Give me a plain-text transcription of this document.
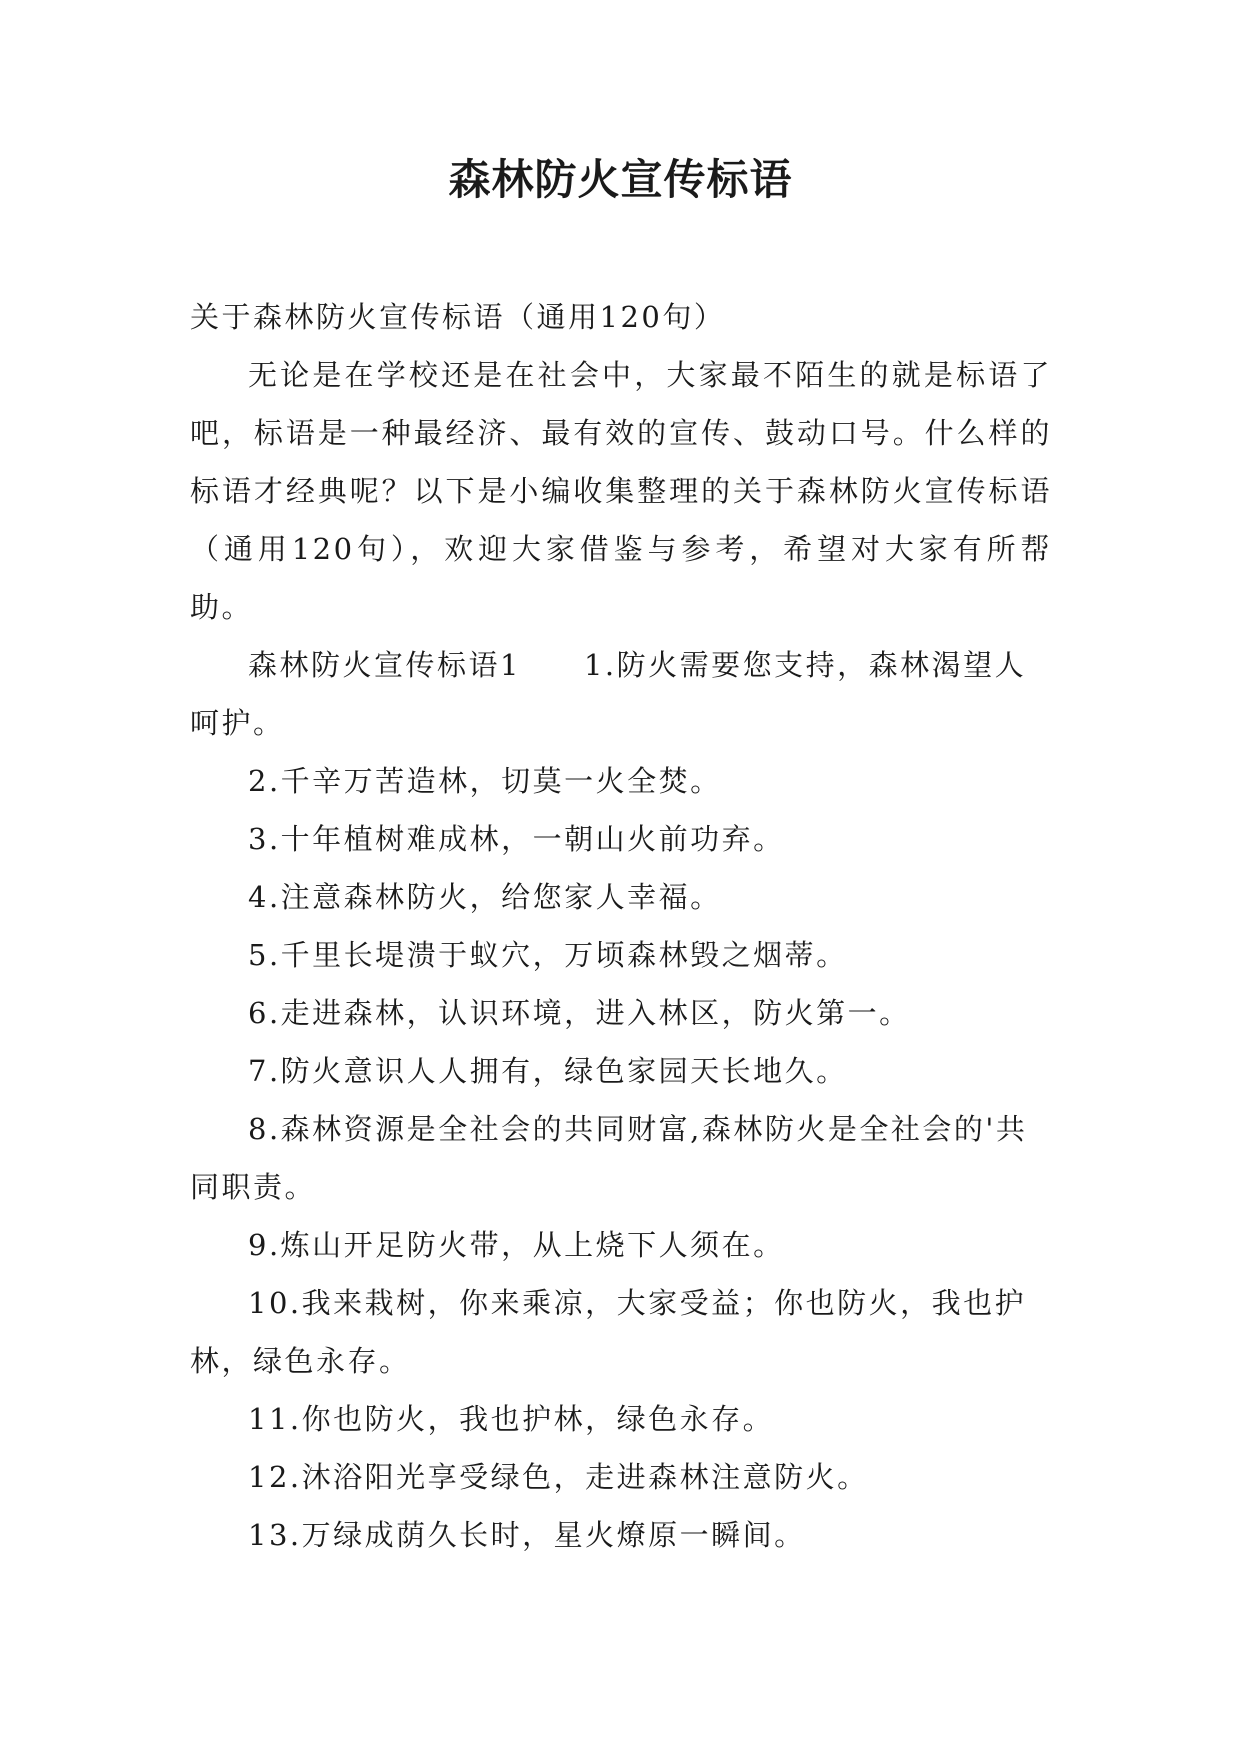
森林防火宣传标语

关于森林防火宣传标语（通用120句）

无论是在学校还是在社会中，大家最不陌生的就是标语了吧，标语是一种最经济、最有效的宣传、鼓动口号。什么样的标语才经典呢？以下是小编收集整理的关于森林防火宣传标语（通用120句），欢迎大家借鉴与参考，希望对大家有所帮助。

森林防火宣传标语1　　1.防火需要您支持，森林渴望人呵护。

2.千辛万苦造林，切莫一火全焚。

3.十年植树难成林，一朝山火前功弃。

4.注意森林防火，给您家人幸福。

5.千里长堤溃于蚁穴，万顷森林毁之烟蒂。

6.走进森林，认识环境，进入林区，防火第一。

7.防火意识人人拥有，绿色家园天长地久。

8.森林资源是全社会的共同财富,森林防火是全社会的'共同职责。

9.炼山开足防火带，从上烧下人须在。

10.我来栽树，你来乘凉，大家受益；你也防火，我也护林，绿色永存。

11.你也防火，我也护林，绿色永存。

12.沐浴阳光享受绿色，走进森林注意防火。

13.万绿成荫久长时，星火燎原一瞬间。
